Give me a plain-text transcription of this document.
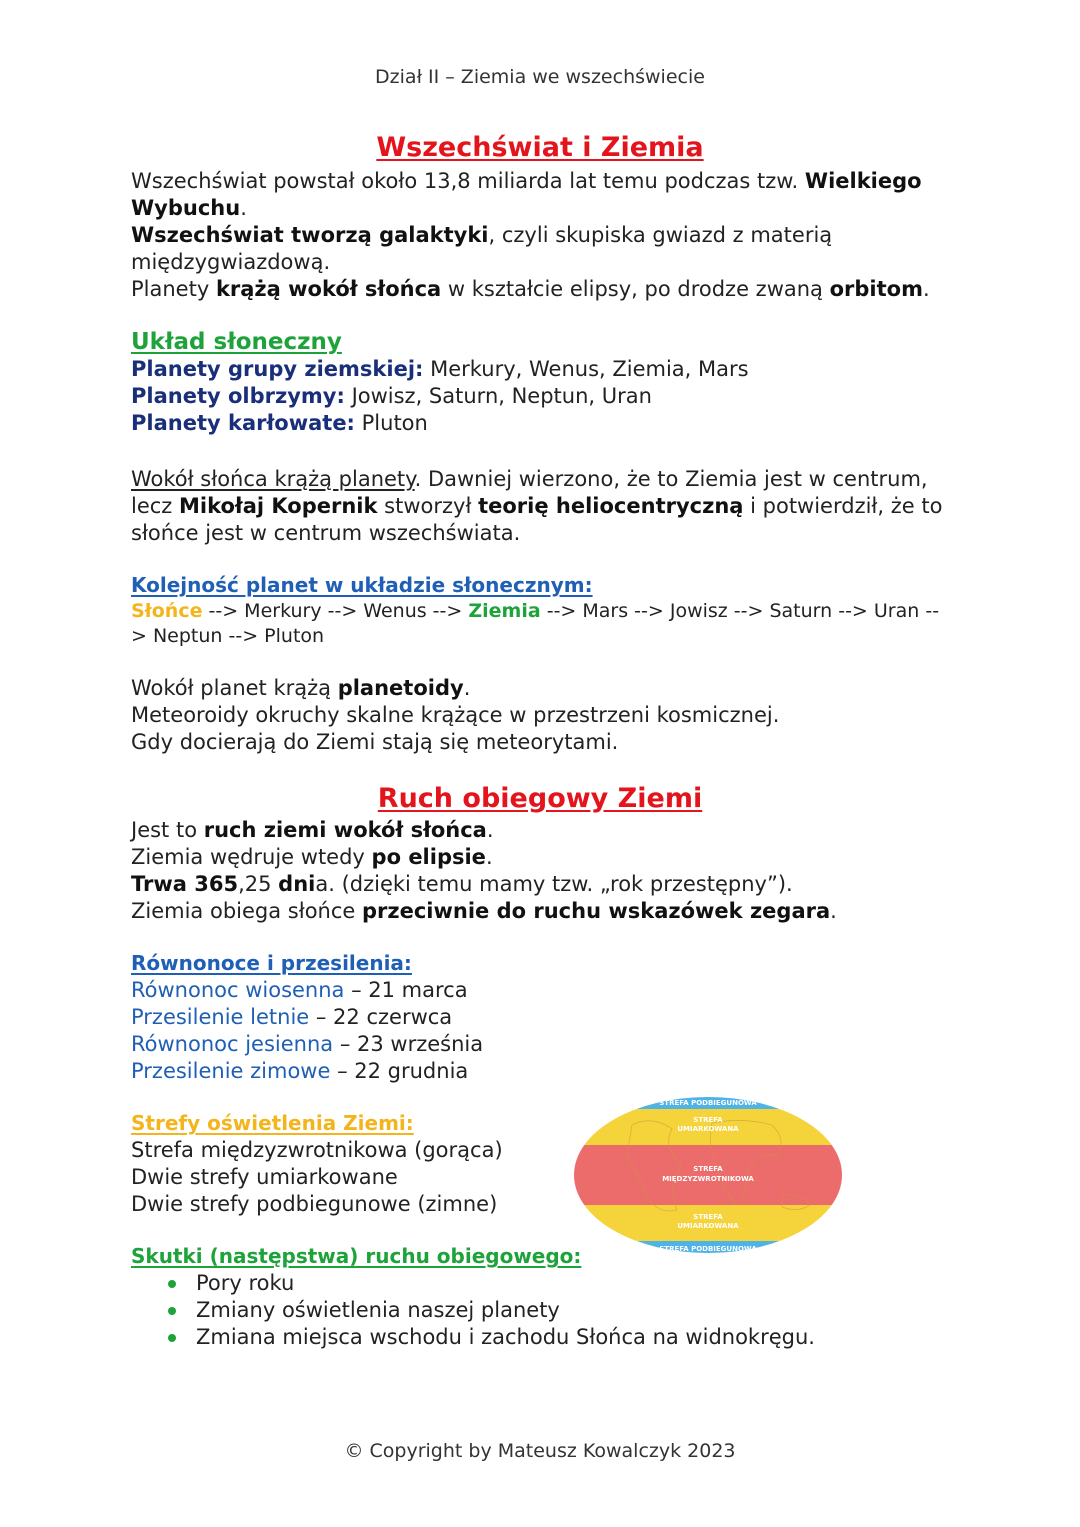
Dział II – Ziemia we wszechświecie
Wszechświat i Ziemia
Wszechświat powstał około 13,8 miliarda lat temu podczas tzw. Wielkiego Wybuchu.
Wszechświat tworzą galaktyki, czyli skupiska gwiazd z materią międzygwiazdową.
Planety krążą wokół słońca w kształcie elipsy, po drodze zwaną orbitom.
Układ słoneczny
Planety grupy ziemskiej: Merkury, Wenus, Ziemia, Mars
Planety olbrzymy: Jowisz, Saturn, Neptun, Uran
Planety karłowate: Pluton
Wokół słońca krążą planety. Dawniej wierzono, że to Ziemia jest w centrum, lecz Mikołaj Kopernik stworzył teorię heliocentryczną i potwierdził, że to słońce jest w centrum wszechświata.
Kolejność planet w układzie słonecznym:
Słońce --> Merkury --> Wenus --> Ziemia --> Mars --> Jowisz --> Saturn --> Uran --> Neptun --> Pluton
Wokół planet krążą planetoidy.
Meteoroidy okruchy skalne krążące w przestrzeni kosmicznej.
Gdy docierają do Ziemi stają się meteorytami.
Ruch obiegowy Ziemi
Jest to ruch ziemi wokół słońca.
Ziemia wędruje wtedy po elipsie.
Trwa 365,25 dnia. (dzięki temu mamy tzw. „rok przestępny”).
Ziemia obiega słońce przeciwnie do ruchu wskazówek zegara.
Równonoce i przesilenia:
Równonoc wiosenna – 21 marca
Przesilenie letnie – 22 czerwca
Równonoc jesienna – 23 września
Przesilenie zimowe – 22 grudnia
Strefy oświetlenia Ziemi:
Strefa międzyzwrotnikowa (gorąca)
Dwie strefy umiarkowane
Dwie strefy podbiegunowe (zimne)
STREFA PODBIEGUNOWA
STREFA
UMIARKOWANA
STREFA
MIĘDZYZWROTNIKOWA
STREFA
UMIARKOWANA
STREFA PODBIEGUNOWA
Skutki (następstwa) ruchu obiegowego:
Pory roku
Zmiany oświetlenia naszej planety
Zmiana miejsca wschodu i zachodu Słońca na widnokręgu.
© Copyright by Mateusz Kowalczyk 2023
